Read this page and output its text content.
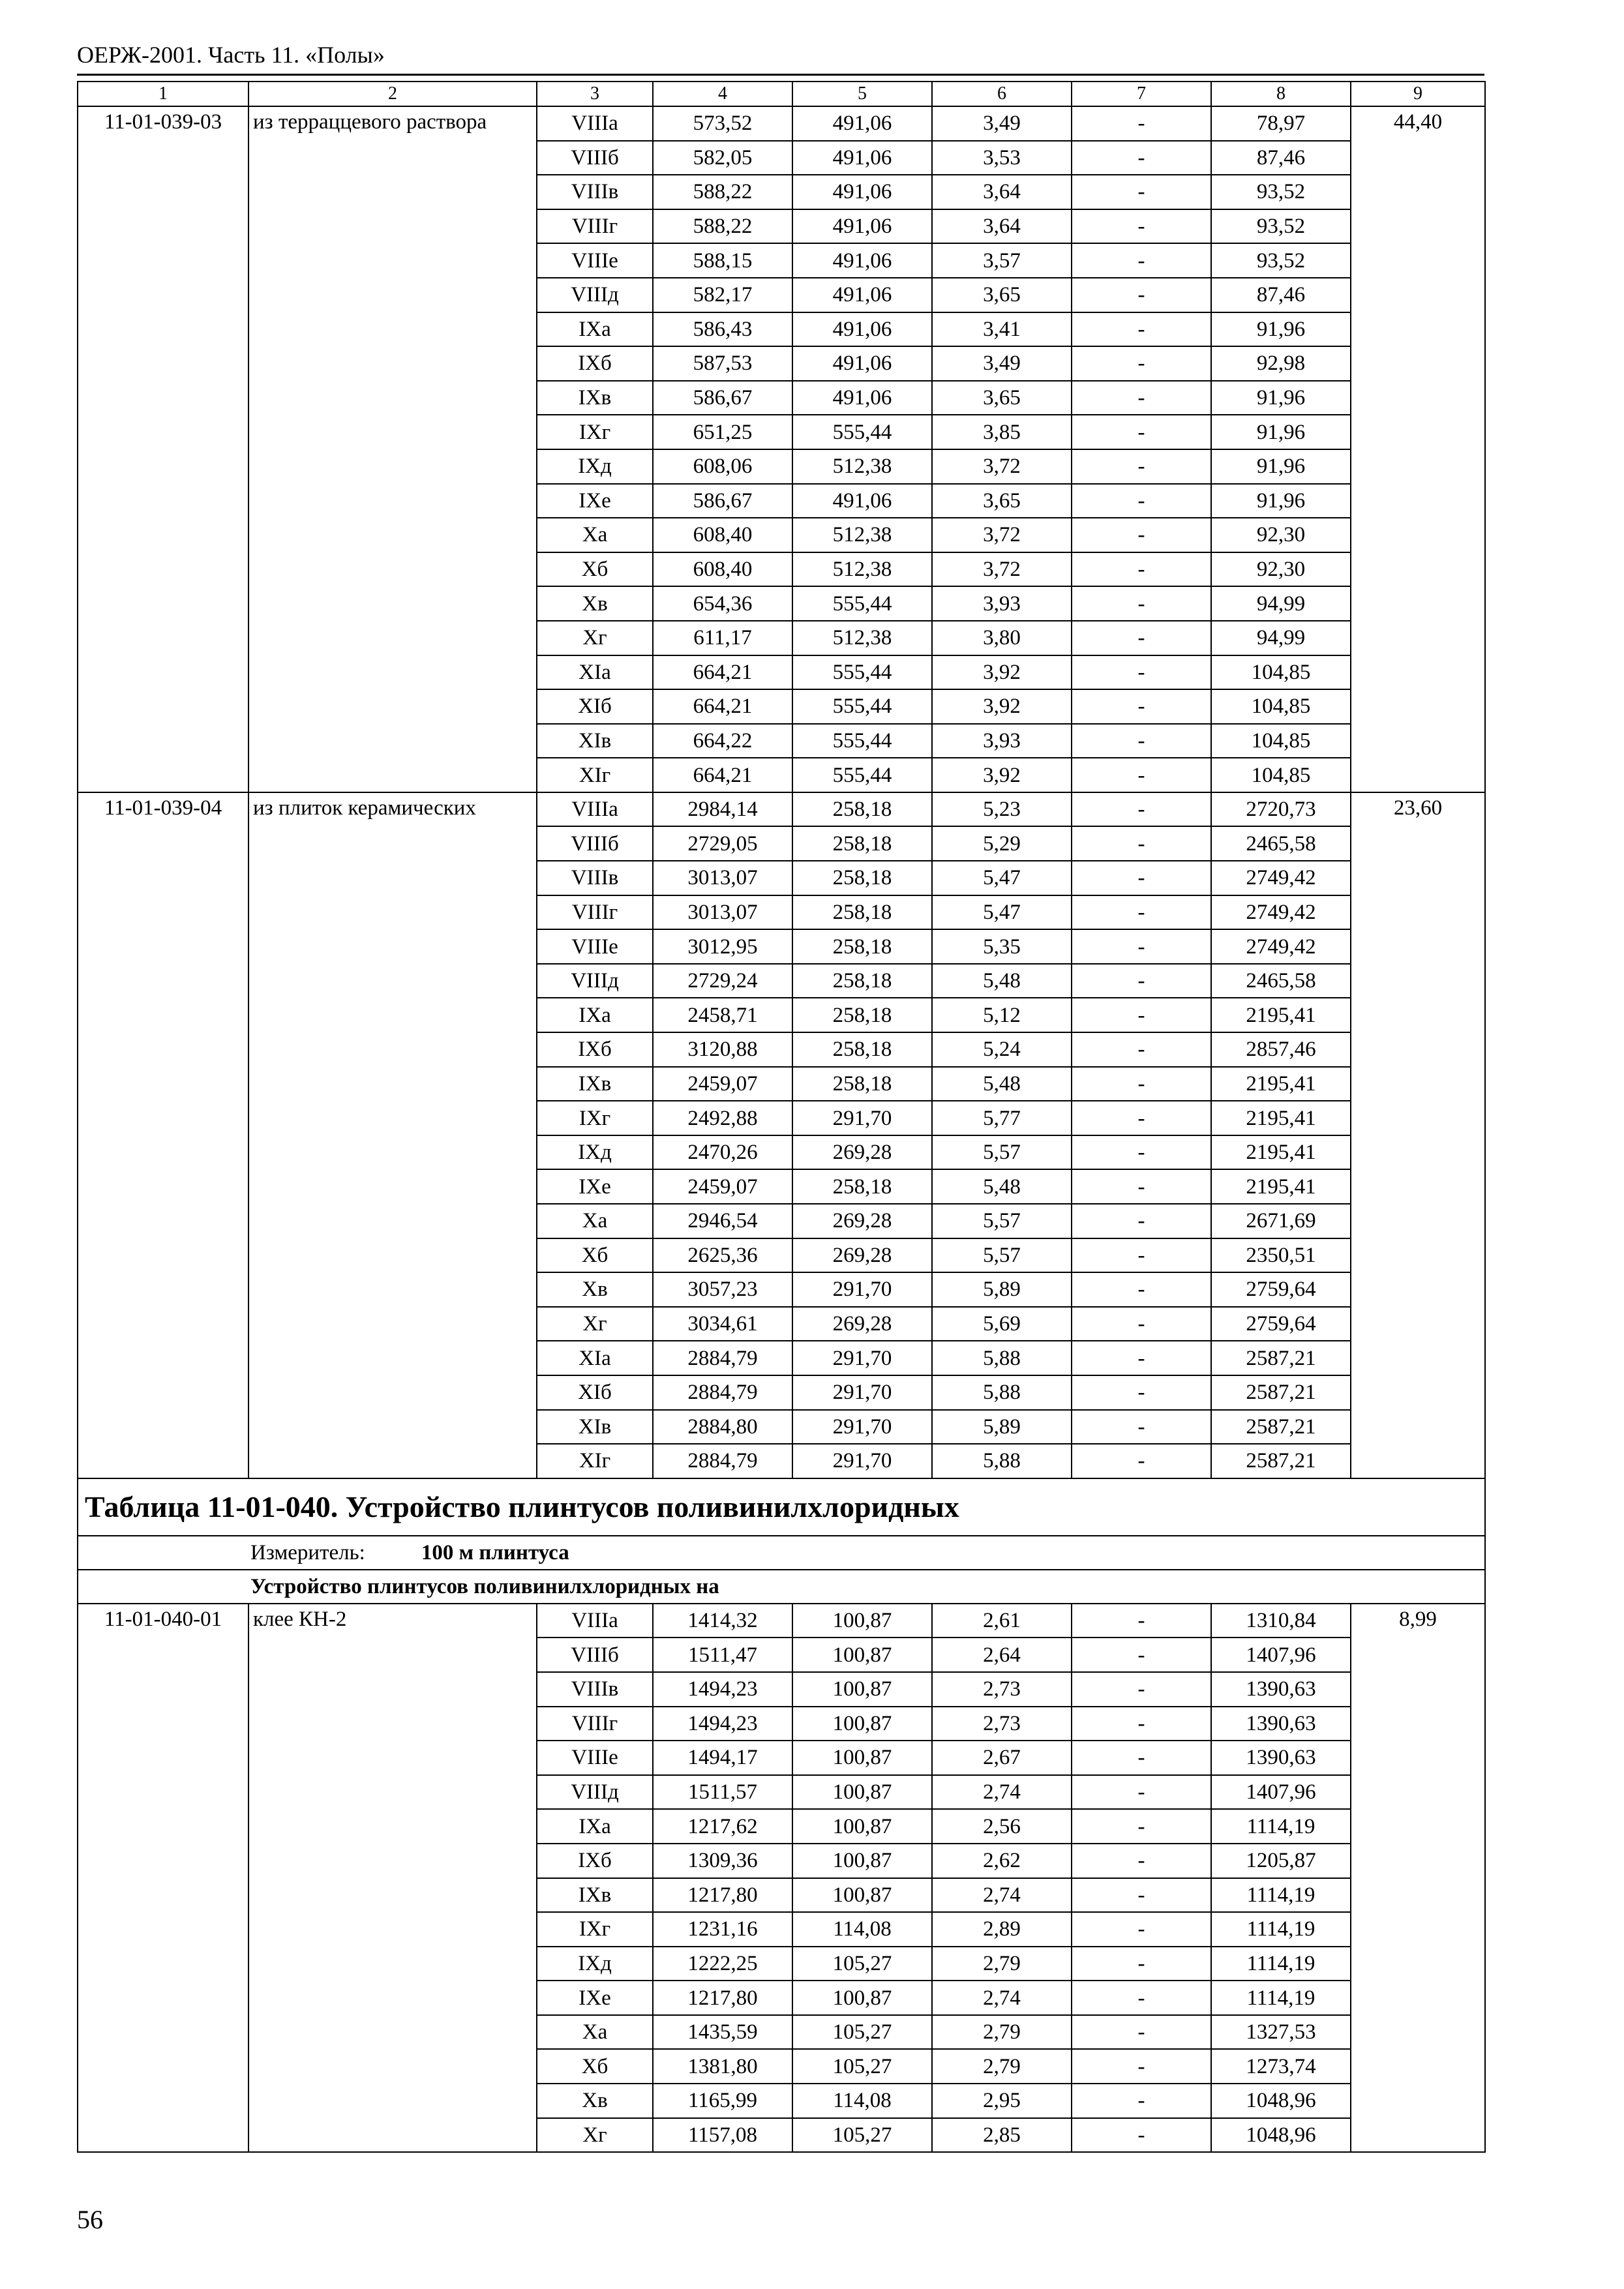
ОЕРЖ-2001. Часть 11. «Полы»
1	2	3	4	5	6	7	8	9
11-01-039-03	из терраццевого раствора	VIIIа	573,52	491,06	3,49	-	78,97	44,40
		VIIIб	582,05	491,06	3,53	-	87,46	
		VIIIв	588,22	491,06	3,64	-	93,52	
		VIIIг	588,22	491,06	3,64	-	93,52	
		VIIIе	588,15	491,06	3,57	-	93,52	
		VIIIд	582,17	491,06	3,65	-	87,46	
		IXа	586,43	491,06	3,41	-	91,96	
		IXб	587,53	491,06	3,49	-	92,98	
		IXв	586,67	491,06	3,65	-	91,96	
		IXг	651,25	555,44	3,85	-	91,96	
		IXд	608,06	512,38	3,72	-	91,96	
		IXе	586,67	491,06	3,65	-	91,96	
		Xа	608,40	512,38	3,72	-	92,30	
		Xб	608,40	512,38	3,72	-	92,30	
		Xв	654,36	555,44	3,93	-	94,99	
		Xг	611,17	512,38	3,80	-	94,99	
		XIа	664,21	555,44	3,92	-	104,85	
		XIб	664,21	555,44	3,92	-	104,85	
		XIв	664,22	555,44	3,93	-	104,85	
		XIг	664,21	555,44	3,92	-	104,85	
11-01-039-04	из плиток керамических	VIIIа	2984,14	258,18	5,23	-	2720,73	23,60
		VIIIб	2729,05	258,18	5,29	-	2465,58	
		VIIIв	3013,07	258,18	5,47	-	2749,42	
		VIIIг	3013,07	258,18	5,47	-	2749,42	
		VIIIе	3012,95	258,18	5,35	-	2749,42	
		VIIIд	2729,24	258,18	5,48	-	2465,58	
		IXа	2458,71	258,18	5,12	-	2195,41	
		IXб	3120,88	258,18	5,24	-	2857,46	
		IXв	2459,07	258,18	5,48	-	2195,41	
		IXг	2492,88	291,70	5,77	-	2195,41	
		IXд	2470,26	269,28	5,57	-	2195,41	
		IXе	2459,07	258,18	5,48	-	2195,41	
		Xа	2946,54	269,28	5,57	-	2671,69	
		Xб	2625,36	269,28	5,57	-	2350,51	
		Xв	3057,23	291,70	5,89	-	2759,64	
		Xг	3034,61	269,28	5,69	-	2759,64	
		XIа	2884,79	291,70	5,88	-	2587,21	
		XIб	2884,79	291,70	5,88	-	2587,21	
		XIв	2884,80	291,70	5,89	-	2587,21	
		XIг	2884,79	291,70	5,88	-	2587,21	
Таблица 11-01-040. Устройство плинтусов поливинилхлоридных								
Измеритель: 100 м плинтуса								
Устройство плинтусов поливинилхлоридных на								
11-01-040-01	клее КН-2	VIIIа	1414,32	100,87	2,61	-	1310,84	8,99
		VIIIб	1511,47	100,87	2,64	-	1407,96	
		VIIIв	1494,23	100,87	2,73	-	1390,63	
		VIIIг	1494,23	100,87	2,73	-	1390,63	
		VIIIе	1494,17	100,87	2,67	-	1390,63	
		VIIIд	1511,57	100,87	2,74	-	1407,96	
		IXа	1217,62	100,87	2,56	-	1114,19	
		IXб	1309,36	100,87	2,62	-	1205,87	
		IXв	1217,80	100,87	2,74	-	1114,19	
		IXг	1231,16	114,08	2,89	-	1114,19	
		IXд	1222,25	105,27	2,79	-	1114,19	
		IXе	1217,80	100,87	2,74	-	1114,19	
		Xа	1435,59	105,27	2,79	-	1327,53	
		Xб	1381,80	105,27	2,79	-	1273,74	
		Xв	1165,99	114,08	2,95	-	1048,96	
		Xг	1157,08	105,27	2,85	-	1048,96	
56
